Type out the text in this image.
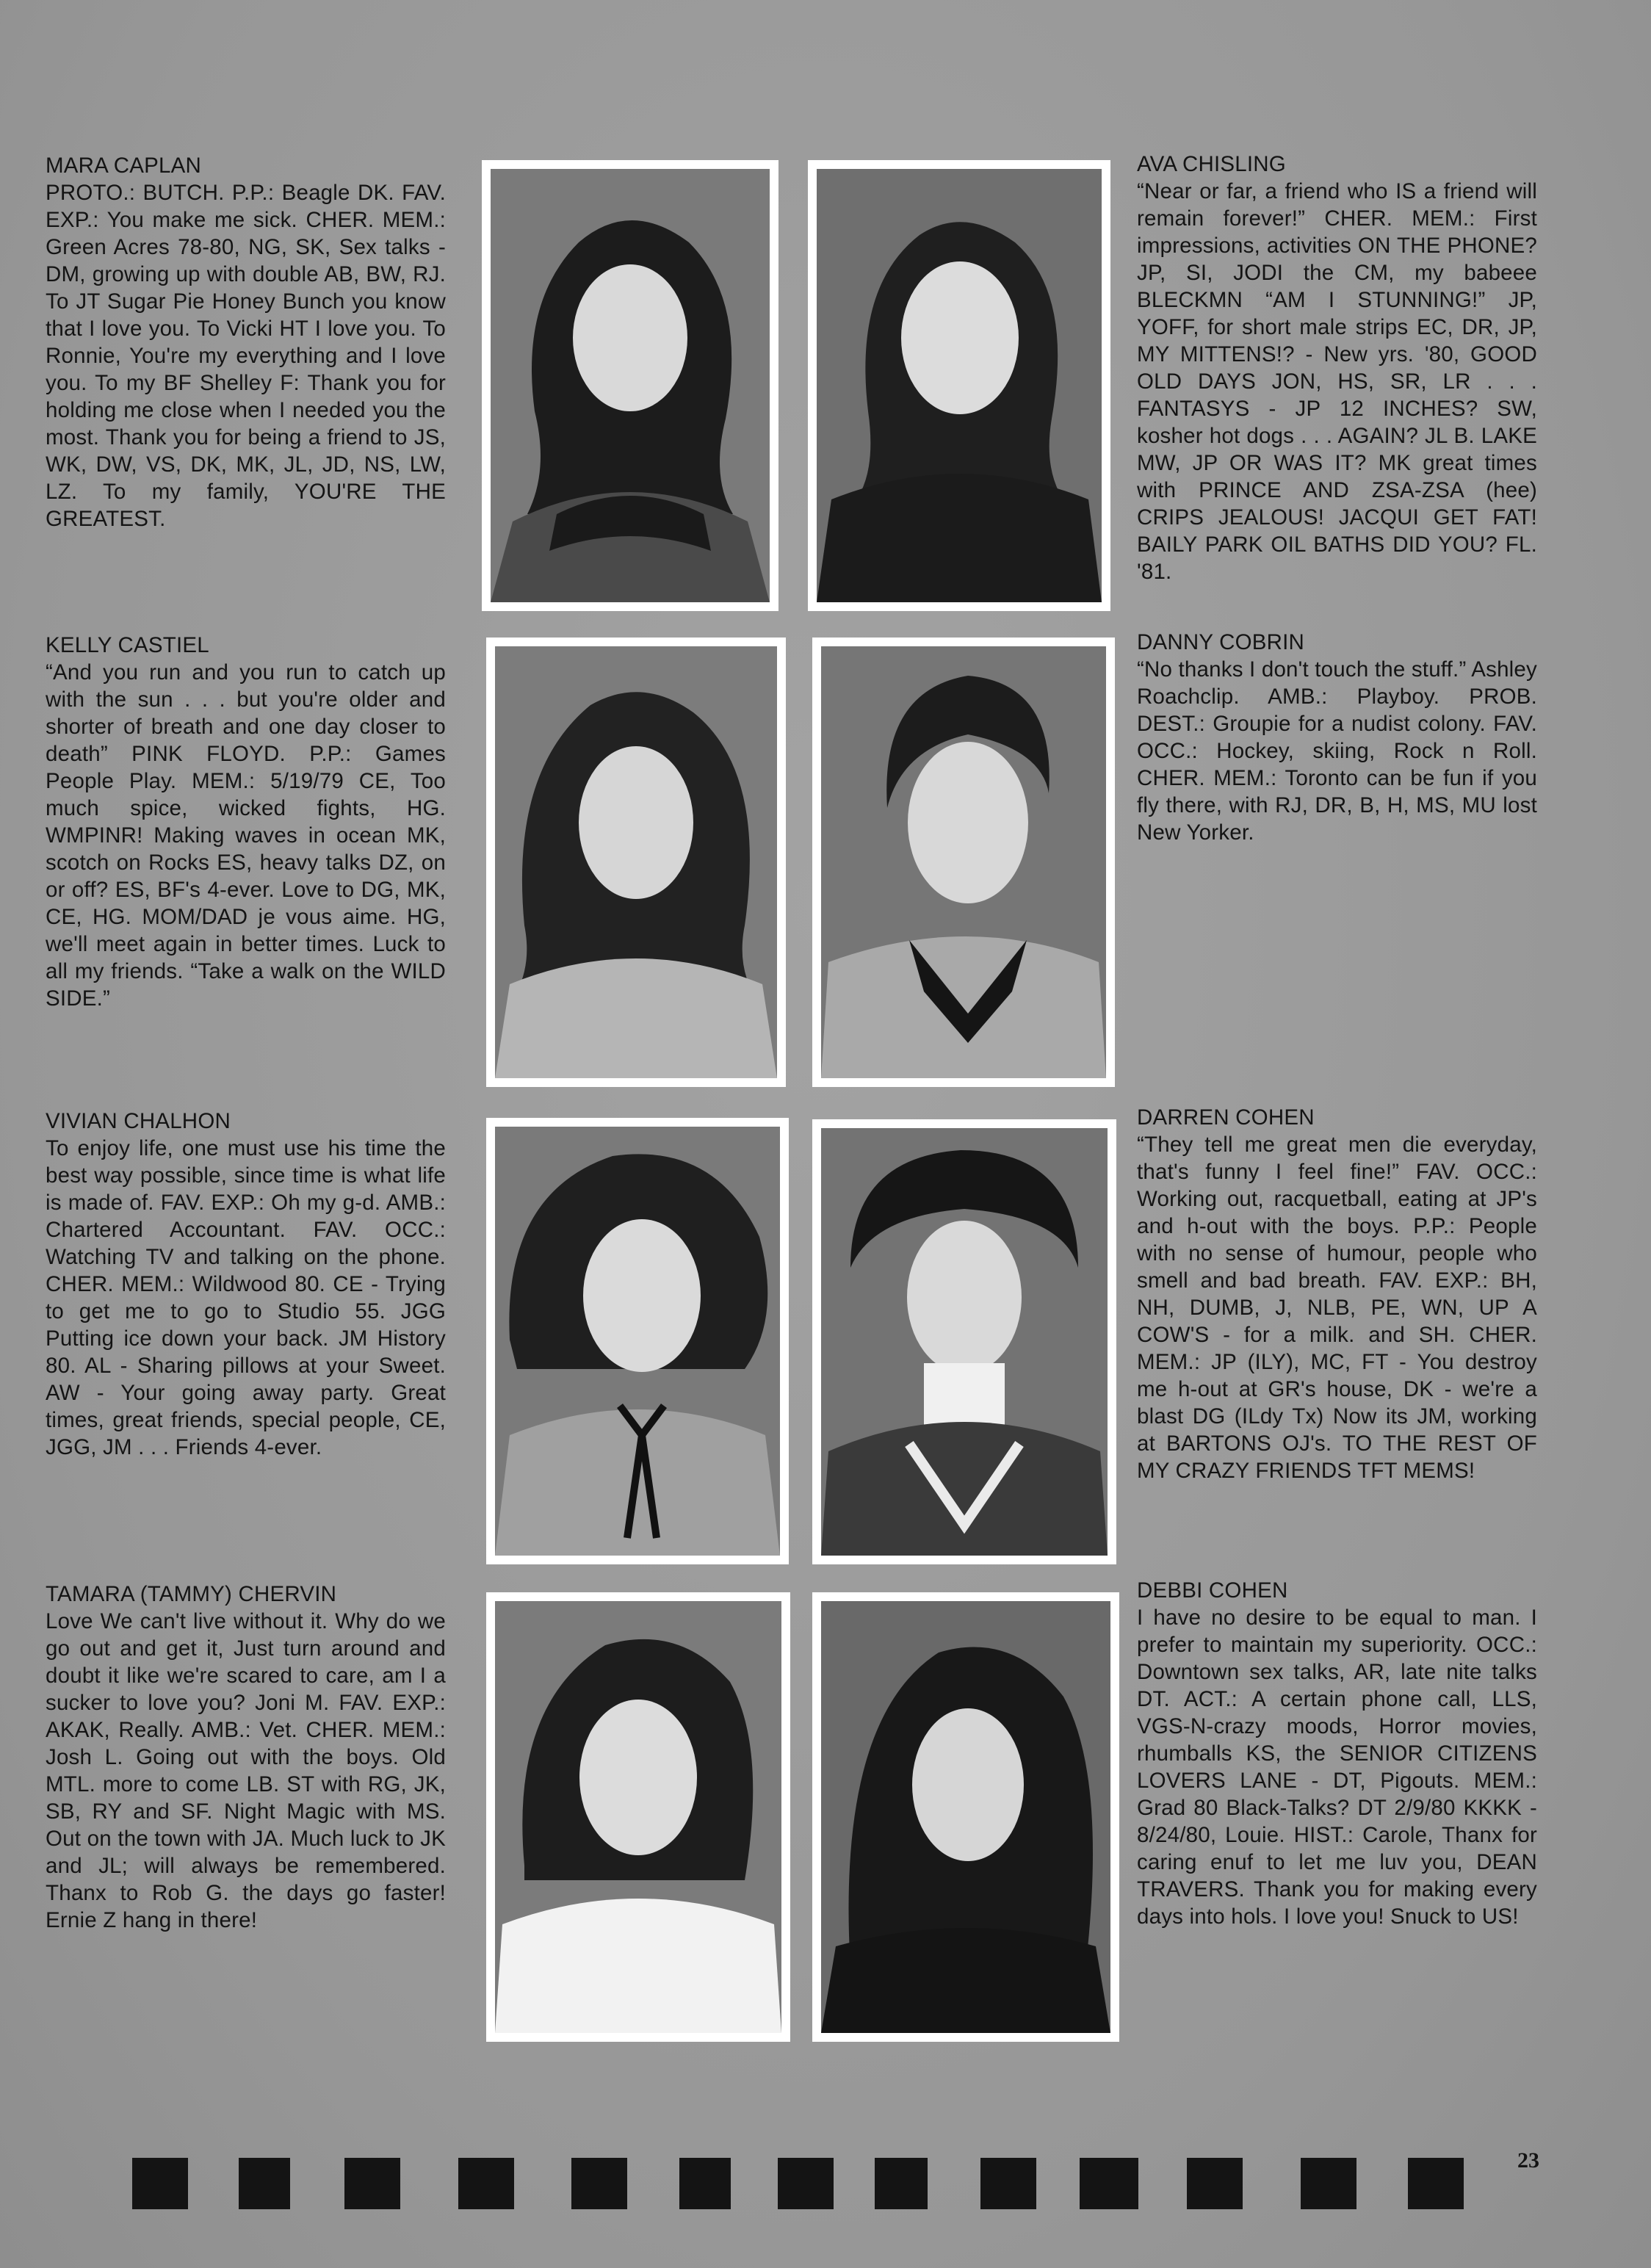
MARA CAPLAN
PROTO.: BUTCH. P.P.: Beagle DK. FAV. EXP.: You make me sick. CHER. MEM.: Green Acres 78-80, NG, SK, Sex talks - DM, growing up with double AB, BW, RJ. To JT Sugar Pie Honey Bunch you know that I love you. To Vicki HT I love you. To Ronnie, You're my everything and I love you. To my BF Shelley F: Thank you for holding me close when I needed you the most. Thank you for being a friend to JS, WK, DW, VS, DK, MK, JL, JD, NS, LW, LZ. To my family, YOU'RE THE GREATEST.
AVA CHISLING
“Near or far, a friend who IS a friend will remain forever!” CHER. MEM.: First impressions, activities ON THE PHONE? JP, SI, JODI the CM, my babeee BLECKMN “AM I STUNNING!” JP, YOFF, for short male strips EC, DR, JP, MY MITTENS!? - New yrs. '80, GOOD OLD DAYS JON, HS, SR, LR . . . FANTASYS - JP 12 INCHES? SW, kosher hot dogs . . . AGAIN? JL B. LAKE MW, JP OR WAS IT? MK great times with PRINCE AND ZSA-ZSA (hee) CRIPS JEALOUS! JACQUI GET FAT! BAILY PARK OIL BATHS DID YOU? FL. '81.
KELLY CASTIEL
“And you run and you run to catch up with the sun . . . but you're older and shorter of breath and one day closer to death” PINK FLOYD. P.P.: Games People Play. MEM.: 5/19/79 CE, Too much spice, wicked fights, HG. WMPINR! Making waves in ocean MK, scotch on Rocks ES, heavy talks DZ, on or off? ES, BF's 4-ever. Love to DG, MK, CE, HG. MOM/DAD je vous aime. HG, we'll meet again in better times. Luck to all my friends. “Take a walk on the WILD SIDE.”
DANNY COBRIN
“No thanks I don't touch the stuff.” Ashley Roachclip. AMB.: Playboy. PROB. DEST.: Groupie for a nudist colony. FAV. OCC.: Hockey, skiing, Rock n Roll. CHER. MEM.: Toronto can be fun if you fly there, with RJ, DR, B, H, MS, MU lost New Yorker.
VIVIAN CHALHON
To enjoy life, one must use his time the best way possible, since time is what life is made of. FAV. EXP.: Oh my g-d. AMB.: Chartered Accountant. FAV. OCC.: Watching TV and talking on the phone. CHER. MEM.: Wildwood 80. CE - Trying to get me to go to Studio 55. JGG Putting ice down your back. JM History 80. AL - Sharing pillows at your Sweet. AW - Your going away party. Great times, great friends, special people, CE, JGG, JM . . . Friends 4-ever.
DARREN COHEN
“They tell me great men die everyday, that's funny I feel fine!” FAV. OCC.: Working out, racquetball, eating at JP's and h-out with the boys. P.P.: People with no sense of humour, people who smell and bad breath. FAV. EXP.: BH, NH, DUMB, J, NLB, PE, WN, UP A COW'S - for a milk. and SH. CHER. MEM.: JP (ILY), MC, FT - You destroy me h-out at GR's house, DK - we're a blast DG (ILdy Tx) Now its JM, working at BARTONS OJ's. TO THE REST OF MY CRAZY FRIENDS TFT MEMS!
TAMARA (TAMMY) CHERVIN
Love We can't live without it. Why do we go out and get it, Just turn around and doubt it like we're scared to care, am I a sucker to love you? Joni M. FAV. EXP.: AKAK, Really. AMB.: Vet. CHER. MEM.: Josh L. Going out with the boys. Old MTL. more to come LB. ST with RG, JK, SB, RY and SF. Night Magic with MS. Out on the town with JA. Much luck to JK and JL; will always be remembered. Thanx to Rob G. the days go faster! Ernie Z hang in there!
DEBBI COHEN
I have no desire to be equal to man. I prefer to maintain my superiority. OCC.: Downtown sex talks, AR, late nite talks DT. ACT.: A certain phone call, LLS, VGS-N-crazy moods, Horror movies, rhumballs KS, the SENIOR CITIZENS LOVERS LANE - DT, Pigouts. MEM.: Grad 80 Black-Talks? DT 2/9/80 KKKK - 8/24/80, Louie. HIST.: Carole, Thanx for caring enuf to let me luv you, DEAN TRAVERS. Thank you for making every days into hols. I love you! Snuck to US!
23
